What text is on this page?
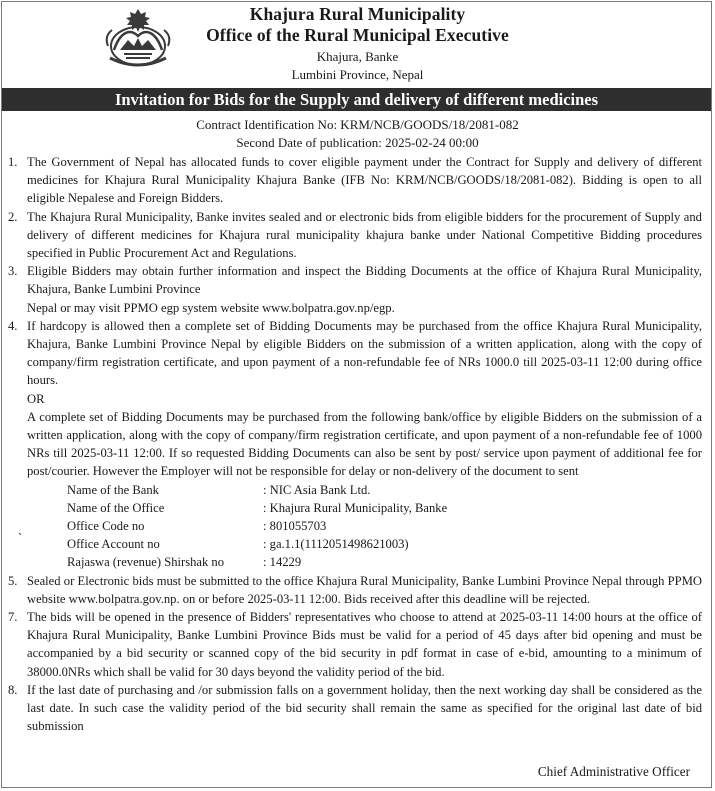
Khajura Rural Municipality
Office of the Rural Municipal Executive
Khajura, Banke
Lumbini Province, Nepal
Invitation for Bids for the Supply and delivery of different medicines
Contract Identification No: KRM/NCB/GOODS/18/2081-082
Second Date of publication: 2025-02-24 00:00
1. The Government of Nepal has allocated funds to cover eligible payment under the Contract for Supply and delivery of different medicines for Khajura Rural Municipality Khajura Banke (IFB No: KRM/NCB/GOODS/18/2081-082). Bidding is open to all eligible Nepalese and Foreign Bidders.
2. The Khajura Rural Municipality, Banke invites sealed and or electronic bids from eligible bidders for the procurement of Supply and delivery of different medicines for Khajura rural municipality khajura banke under National Competitive Bidding procedures specified in Public Procurement Act and Regulations.
3. Eligible Bidders may obtain further information and inspect the Bidding Documents at the office of Khajura Rural Municipality, Khajura, Banke Lumbini Province
Nepal or may visit PPMO egp system website www.bolpatra.gov.np/egp.
4. If hardcopy is allowed then a complete set of Bidding Documents may be purchased from the office Khajura Rural Municipality, Khajura, Banke Lumbini Province Nepal by eligible Bidders on the submission of a written application, along with the copy of company/firm registration certificate, and upon payment of a non-refundable fee of NRs 1000.0 till 2025-03-11 12:00 during office hours.
OR
A complete set of Bidding Documents may be purchased from the following bank/office by eligible Bidders on the submission of a written application, along with the copy of company/firm registration certificate, and upon payment of a non-refundable fee of 1000 NRs till 2025-03-11 12:00. If so requested Bidding Documents can also be sent by post/ service upon payment of additional fee for post/courier. However the Employer will not be responsible for delay or non-delivery of the document to sent
Name of the Bank	: NIC Asia Bank Ltd.
Name of the Office	: Khajura Rural Municipality, Banke
Office Code no	: 801055703
`	Office Account no	: ga.1.1(1112051498621003)
Rajaswa (revenue) Shirshak no	: 14229
5. Sealed or Electronic bids must be submitted to the office Khajura Rural Municipality, Banke Lumbini Province Nepal through PPMO website www.bolpatra.gov.np. on or before 2025-03-11 12:00. Bids received after this deadline will be rejected.
7. The bids will be opened in the presence of Bidders' representatives who choose to attend at 2025-03-11 14:00 hours at the office of Khajura Rural Municipality, Banke Lumbini Province Bids must be valid for a period of 45 days after bid opening and must be accompanied by a bid security or scanned copy of the bid security in pdf format in case of e-bid, amounting to a minimum of 38000.0NRs which shall be valid for 30 days beyond the validity period of the bid.
8. If the last date of purchasing and /or submission falls on a government holiday, then the next working day shall be considered as the last date. In such case the validity period of the bid security shall remain the same as specified for the original last date of bid submission
Chief Administrative Officer
